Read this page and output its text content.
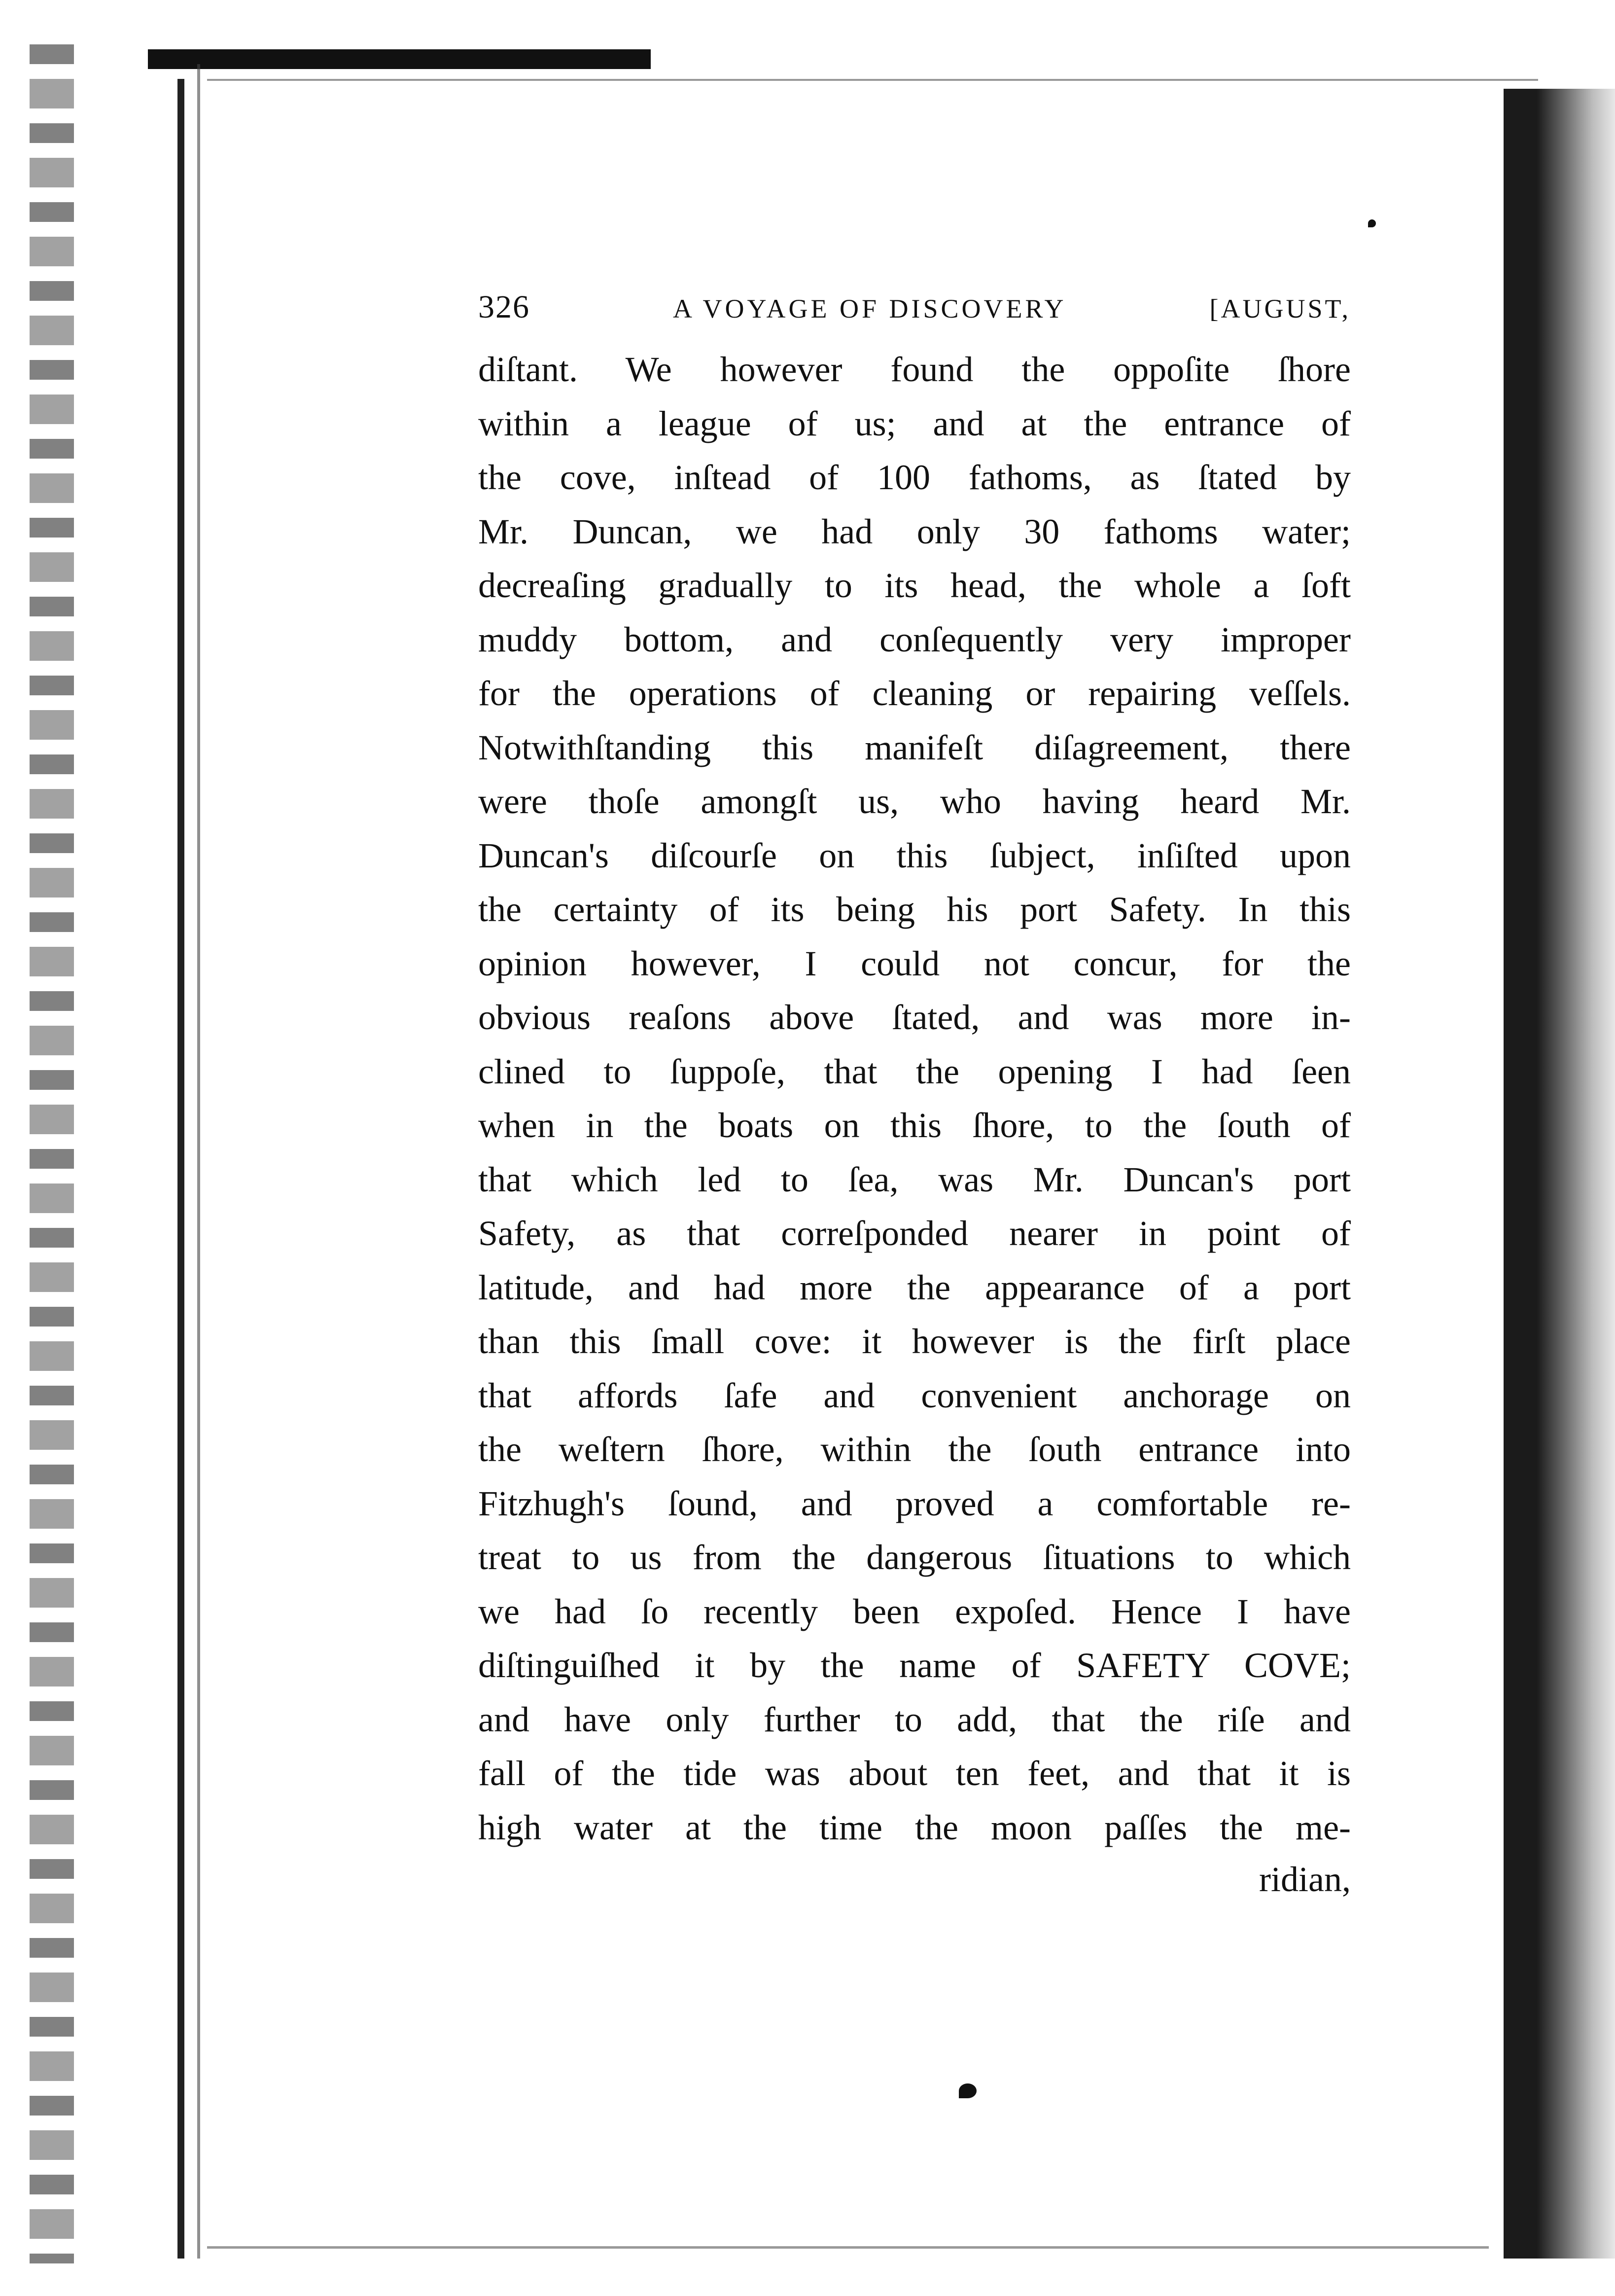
326	A VOYAGE OF DISCOVERY	[AUGUST,
diſtant. We however found the oppoſite ſhore
within a league of us; and at the entrance of
the cove, inſtead of 100 fathoms, as ſtated by
Mr. Duncan, we had only 30 fathoms water;
decreaſing gradually to its head, the whole a ſoft
muddy bottom, and conſequently very improper
for the operations of cleaning or repairing veſſels.
Notwithſtanding this manifeſt diſagreement, there
were thoſe amongſt us, who having heard Mr.
Duncan's diſcourſe on this ſubject, inſiſted upon
the certainty of its being his port Safety. In this
opinion however, I could not concur, for the
obvious reaſons above ſtated, and was more in-
clined to ſuppoſe, that the opening I had ſeen
when in the boats on this ſhore, to the ſouth of
that which led to ſea, was Mr. Duncan's port
Safety, as that correſponded nearer in point of
latitude, and had more the appearance of a port
than this ſmall cove: it however is the firſt place
that affords ſafe and convenient anchorage on
the weſtern ſhore, within the ſouth entrance into
Fitzhugh's ſound, and proved a comfortable re-
treat to us from the dangerous ſituations to which
we had ſo recently been expoſed. Hence I have
diſtinguiſhed it by the name of SAFETY COVE;
and have only further to add, that the riſe and
fall of the tide was about ten feet, and that it is
high water at the time the moon paſſes the me-
ridian,
